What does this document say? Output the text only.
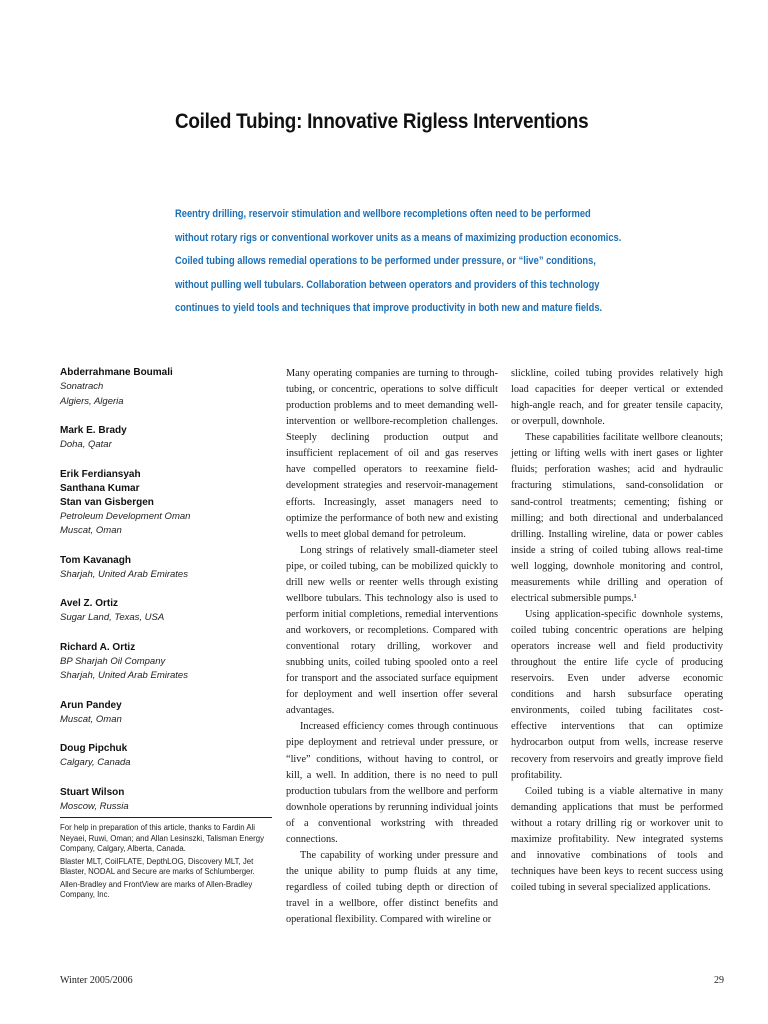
Coiled Tubing: Innovative Rigless Interventions
Reentry drilling, reservoir stimulation and wellbore recompletions often need to be performed
without rotary rigs or conventional workover units as a means of maximizing production economics.
Coiled tubing allows remedial operations to be performed under pressure, or “live” conditions,
without pulling well tubulars. Collaboration between operators and providers of this technology
continues to yield tools and techniques that improve productivity in both new and mature fields.
Abderrahmane Boumali
Sonatrach
Algiers, Algeria
Mark E. Brady
Doha, Qatar
Erik Ferdiansyah
Santhana Kumar
Stan van Gisbergen
Petroleum Development Oman
Muscat, Oman
Tom Kavanagh
Sharjah, United Arab Emirates
Avel Z. Ortiz
Sugar Land, Texas, USA
Richard A. Ortiz
BP Sharjah Oil Company
Sharjah, United Arab Emirates
Arun Pandey
Muscat, Oman
Doug Pipchuk
Calgary, Canada
Stuart Wilson
Moscow, Russia

For help in preparation of this article, thanks to Fardin Ali Neyaei, Ruwi, Oman; and Allan Lesinszki, Talisman Energy Company, Calgary, Alberta, Canada.

Blaster MLT, CoilFLATE, DepthLOG, Discovery MLT, Jet Blaster, NODAL and Secure are marks of Schlumberger.

Allen-Bradley and FrontView are marks of Allen-Bradley Company, Inc.

Many operating companies are turning to through-tubing, or concentric, operations to solve difficult production problems and to meet demanding well-intervention or wellbore-recompletion challenges. Steeply declining production output and insufficient replacement of oil and gas reserves have compelled operators to reexamine field-development strategies and reservoir-management efforts. Increasingly, asset managers need to optimize the performance of both new and existing wells to meet global demand for petroleum.

Long strings of relatively small-diameter steel pipe, or coiled tubing, can be mobilized quickly to drill new wells or reenter wells through existing wellbore tubulars. This technology also is used to perform initial completions, remedial interventions and workovers, or recompletions. Compared with conventional rotary drilling, workover and snubbing units, coiled tubing spooled onto a reel for transport and the associated surface equipment for deployment and well insertion offer several advantages.

Increased efficiency comes through continuous pipe deployment and retrieval under pressure, or “live” conditions, without having to control, or kill, a well. In addition, there is no need to pull production tubulars from the wellbore and perform downhole operations by rerunning individual joints of a conventional workstring with threaded connections.

The capability of working under pressure and the unique ability to pump fluids at any time, regardless of coiled tubing depth or direction of travel in a wellbore, offer distinct benefits and operational flexibility. Compared with wireline or

slickline, coiled tubing provides relatively high load capacities for deeper vertical or extended high-angle reach, and for greater tensile capacity, or overpull, downhole.

These capabilities facilitate wellbore cleanouts; jetting or lifting wells with inert gases or lighter fluids; perforation washes; acid and hydraulic fracturing stimulations, sand-consolidation or sand-control treatments; cementing; fishing or milling; and both directional and underbalanced drilling. Installing wireline, data or power cables inside a string of coiled tubing allows real-time well logging, downhole monitoring and control, measurements while drilling and operation of electrical submersible pumps.¹

Using application-specific downhole systems, coiled tubing concentric operations are helping operators increase well and field productivity throughout the entire life cycle of producing reservoirs. Even under adverse economic conditions and harsh subsurface operating environments, coiled tubing facilitates cost-effective interventions that can optimize hydrocarbon output from wells, increase reserve recovery from reservoirs and greatly improve field profitability.

Coiled tubing is a viable alternative in many demanding applications that must be performed without a rotary drilling rig or workover unit to maximize profitability. New integrated systems and innovative combinations of tools and techniques have been keys to recent success using coiled tubing in several specialized applications.

Winter 2005/2006	29
